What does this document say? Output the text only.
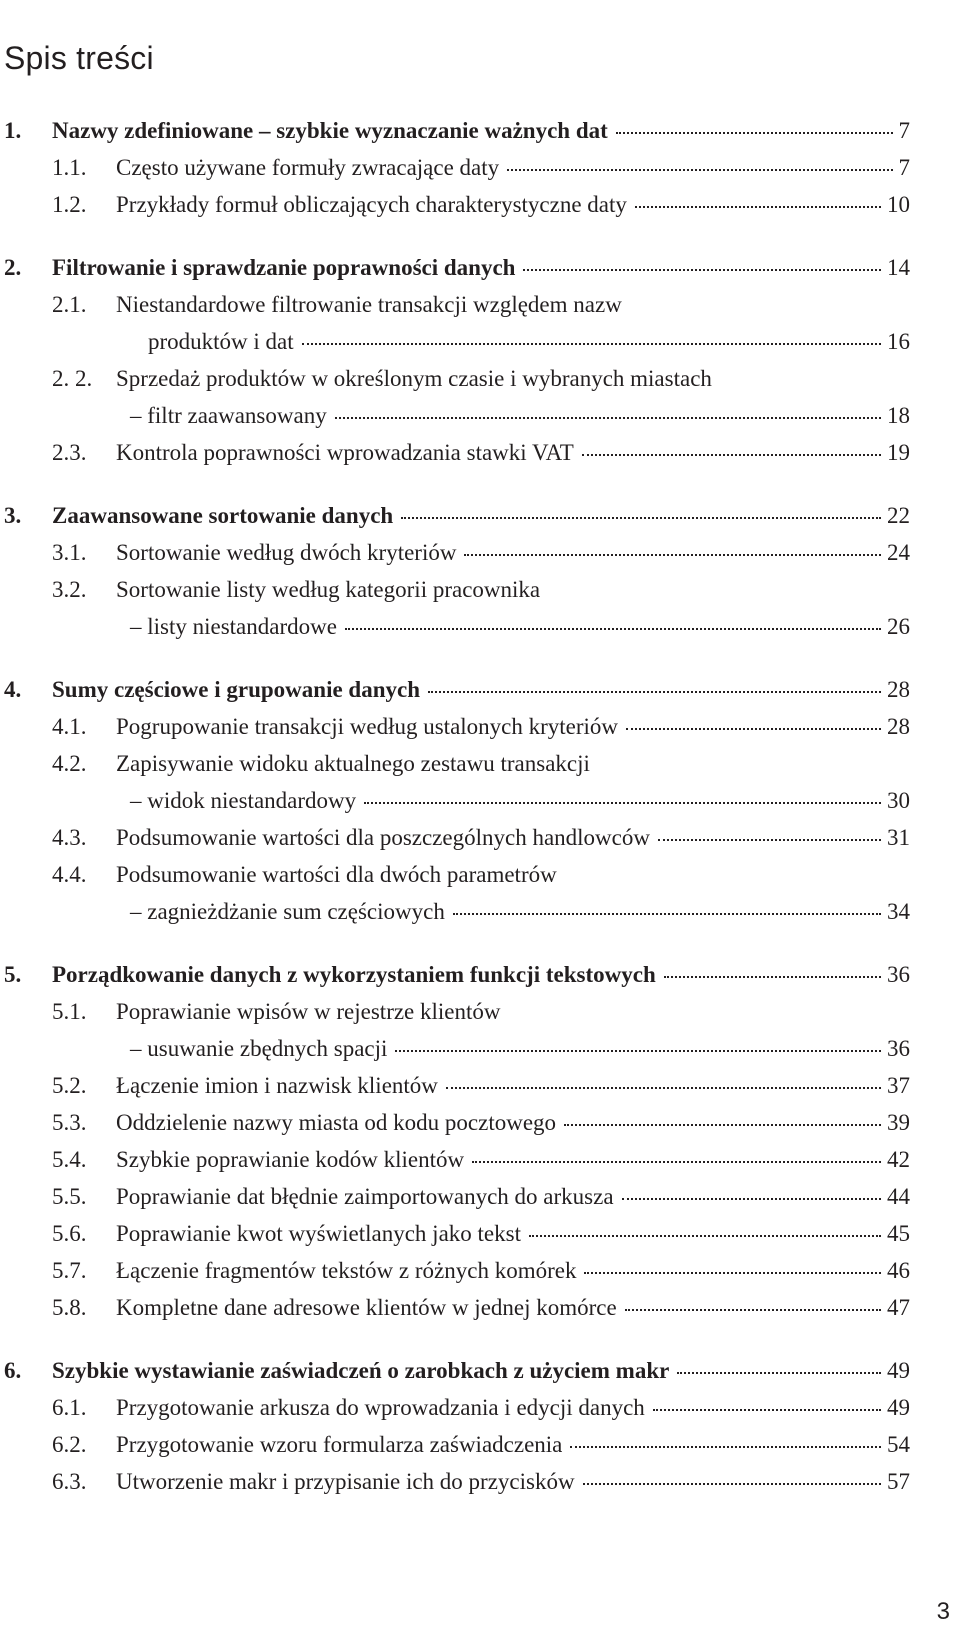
Spis treści
1.	Nazwy zdefiniowane – szybkie wyznaczanie ważnych dat	7
1.1.	Często używane formuły zwracające daty	7
1.2.	Przykłady formuł obliczających charakterystyczne daty	10
2.	Filtrowanie i sprawdzanie poprawności danych	14
2.1.	Niestandardowe filtrowanie transakcji względem nazw
produktów i dat	16
2. 2.	Sprzedaż produktów w określonym czasie i wybranych miastach
– filtr zaawansowany	18
2.3.	Kontrola poprawności wprowadzania stawki VAT	19
3.	Zaawansowane sortowanie danych	22
3.1.	Sortowanie według dwóch kryteriów	24
3.2.	Sortowanie listy według kategorii pracownika
– listy niestandardowe	26
4.	Sumy częściowe i grupowanie danych	28
4.1.	Pogrupowanie transakcji według ustalonych kryteriów	28
4.2.	Zapisywanie widoku aktualnego zestawu transakcji
– widok niestandardowy	30
4.3.	Podsumowanie wartości dla poszczególnych handlowców	31
4.4.	Podsumowanie wartości dla dwóch parametrów
– zagnieżdżanie sum częściowych	34
5.	Porządkowanie danych z wykorzystaniem funkcji tekstowych	36
5.1.	Poprawianie wpisów w rejestrze klientów
– usuwanie zbędnych spacji	36
5.2.	Łączenie imion i nazwisk klientów	37
5.3.	Oddzielenie nazwy miasta od kodu pocztowego	39
5.4.	Szybkie poprawianie kodów klientów	42
5.5.	Poprawianie dat błędnie zaimportowanych do arkusza	44
5.6.	Poprawianie kwot wyświetlanych jako tekst	45
5.7.	Łączenie fragmentów tekstów z różnych komórek	46
5.8.	Kompletne dane adresowe klientów w jednej komórce	47
6.	Szybkie wystawianie zaświadczeń o zarobkach z użyciem makr	49
6.1.	Przygotowanie arkusza do wprowadzania i edycji danych	49
6.2.	Przygotowanie wzoru formularza zaświadczenia	54
6.3.	Utworzenie makr i przypisanie ich do przycisków	57
3
